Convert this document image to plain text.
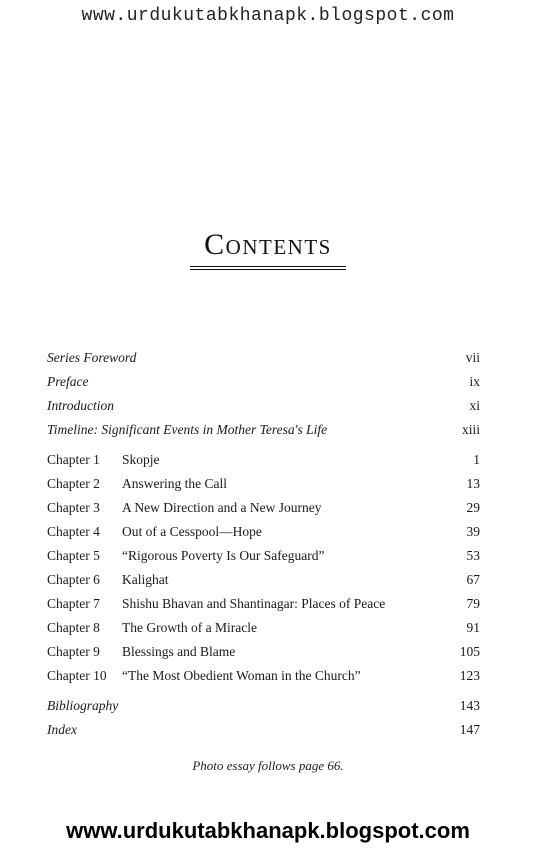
www.urdukutabkhanapk.blogspot.com
Contents
Series Foreword	vii
Preface	ix
Introduction	xi
Timeline: Significant Events in Mother Teresa's Life	xiii
Chapter 1 Skopje	1
Chapter 2 Answering the Call	13
Chapter 3 A New Direction and a New Journey	29
Chapter 4 Out of a Cesspool—Hope	39
Chapter 5 “Rigorous Poverty Is Our Safeguard”	53
Chapter 6 Kalighat	67
Chapter 7 Shishu Bhavan and Shantinagar: Places of Peace	79
Chapter 8 The Growth of a Miracle	91
Chapter 9 Blessings and Blame	105
Chapter 10 “The Most Obedient Woman in the Church”	123
Bibliography	143
Index	147
Photo essay follows page 66.
www.urdukutabkhanapk.blogspot.com
